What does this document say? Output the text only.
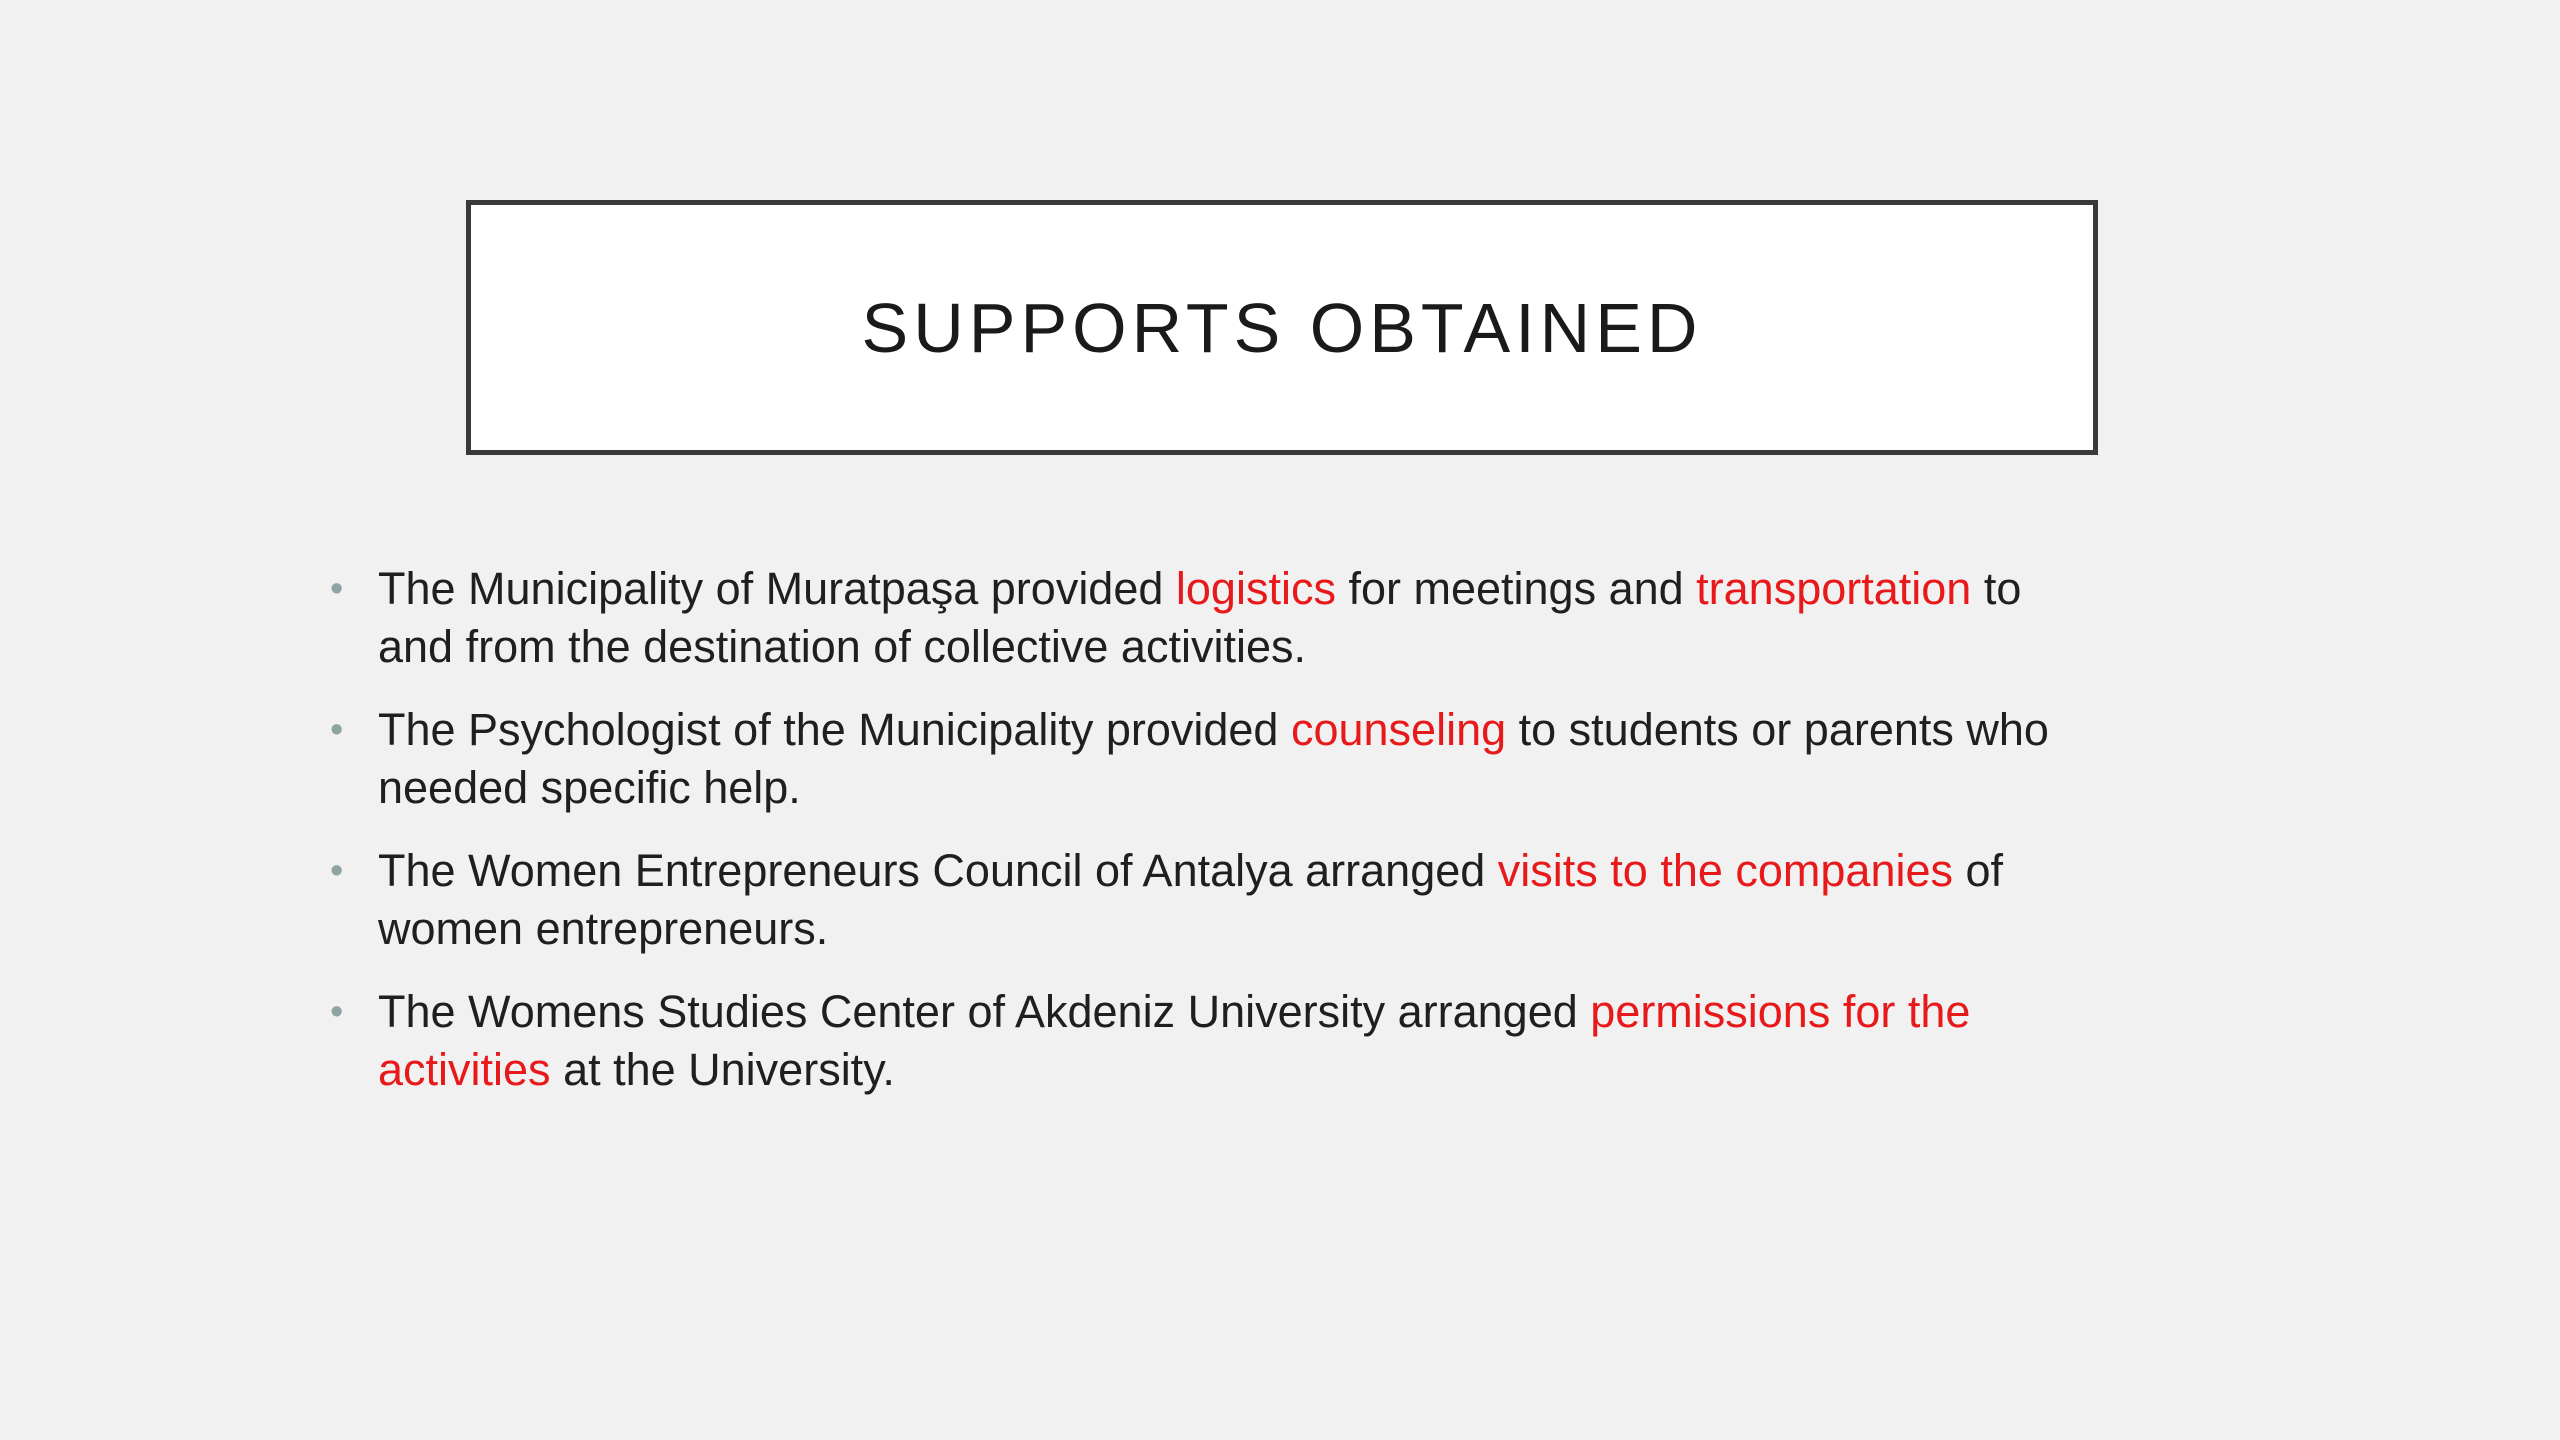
SUPPORTS OBTAINED
• The Municipality of Muratpaşa provided logistics for meetings and transportation to and from the destination of collective activities.
• The Psychologist of the Municipality provided counseling to students or parents who needed specific help.
• The Women Entrepreneurs Council of Antalya arranged visits to the companies of women entrepreneurs.
• The Womens Studies Center of Akdeniz University arranged permissions for the activities at the University.
